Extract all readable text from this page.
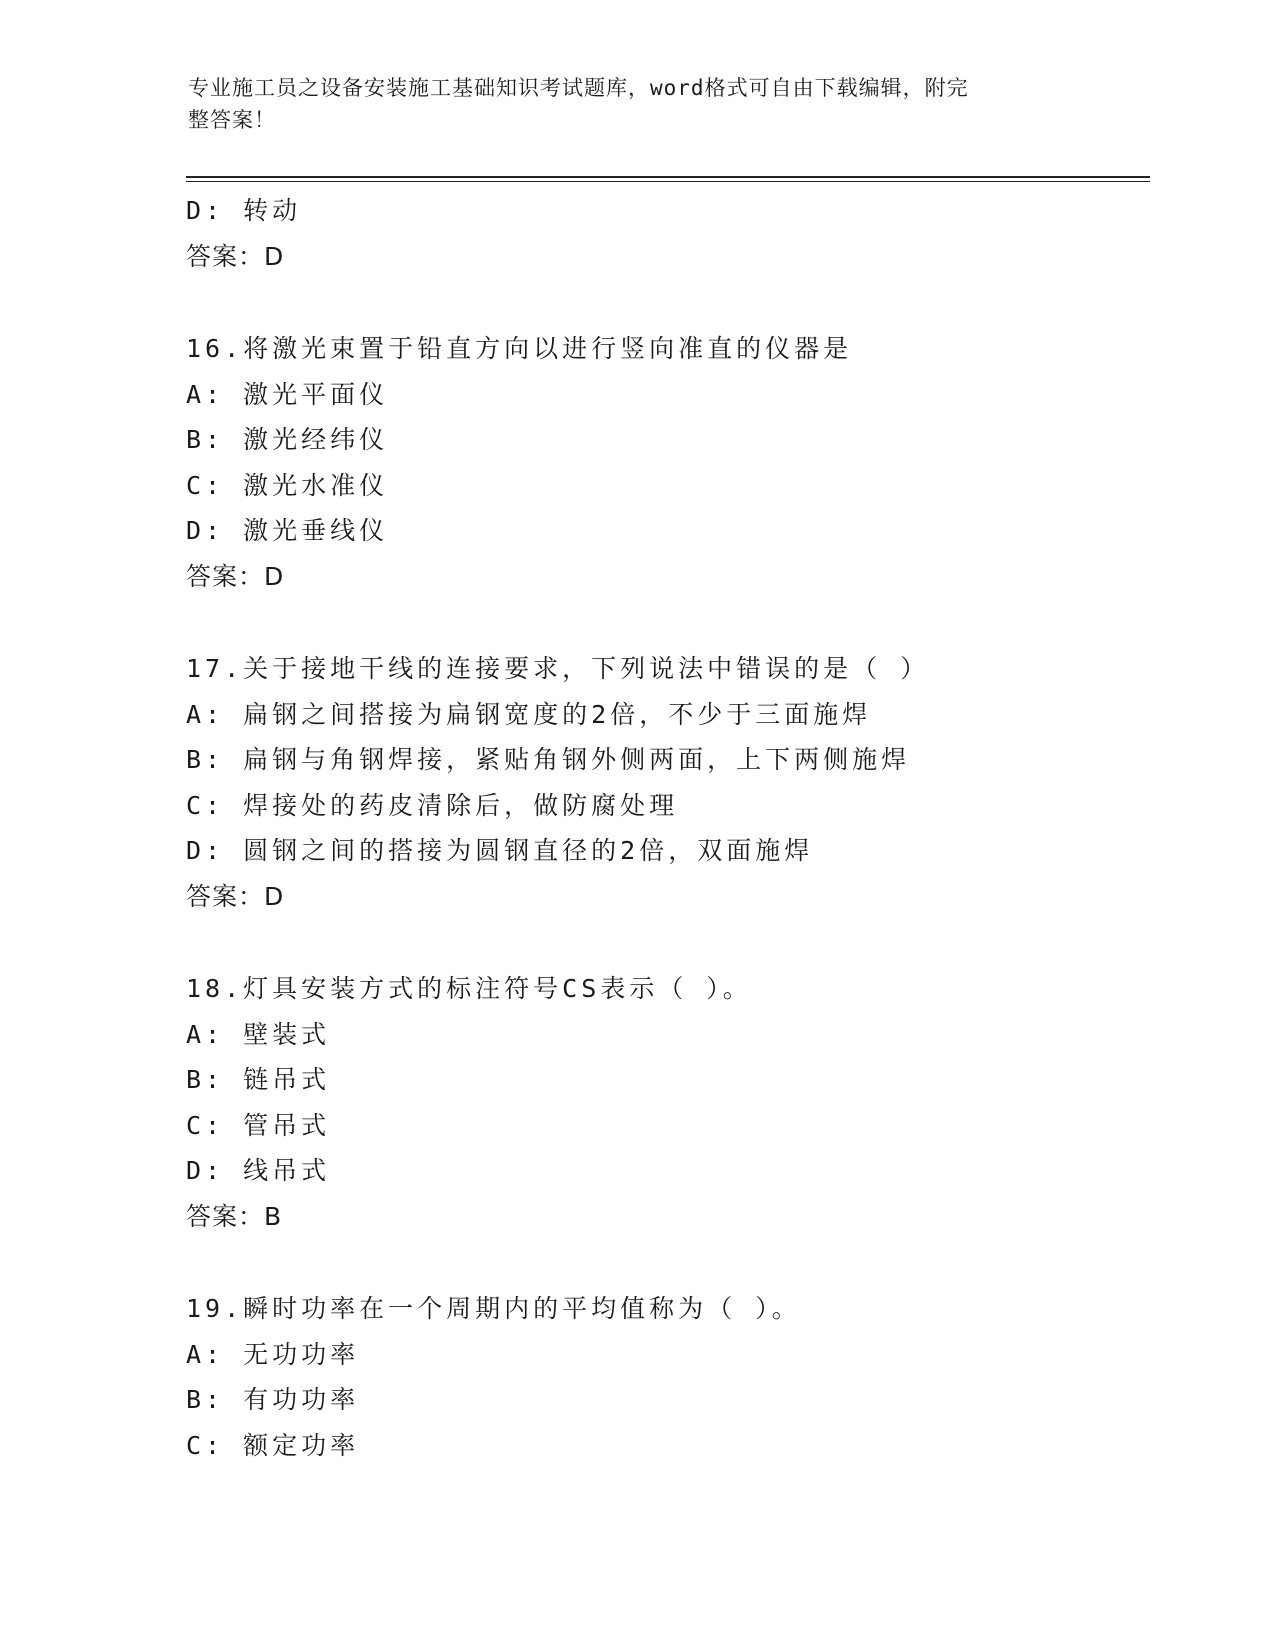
专业施工员之设备安装施工基础知识考试题库，word格式可自由下载编辑，附完
整答案！
D: 转动
答案：D
16.将激光束置于铅直方向以进行竖向准直的仪器是
A: 激光平面仪
B: 激光经纬仪
C: 激光水准仪
D: 激光垂线仪
答案：D
17.关于接地干线的连接要求，下列说法中错误的是（ ）
A: 扁钢之间搭接为扁钢宽度的2倍，不少于三面施焊
B: 扁钢与角钢焊接，紧贴角钢外侧两面，上下两侧施焊
C: 焊接处的药皮清除后，做防腐处理
D: 圆钢之间的搭接为圆钢直径的2倍，双面施焊
答案：D
18.灯具安装方式的标注符号CS表示（ ）。
A: 壁装式
B: 链吊式
C: 管吊式
D: 线吊式
答案：B
19.瞬时功率在一个周期内的平均值称为（ ）。
A: 无功功率
B: 有功功率
C: 额定功率
